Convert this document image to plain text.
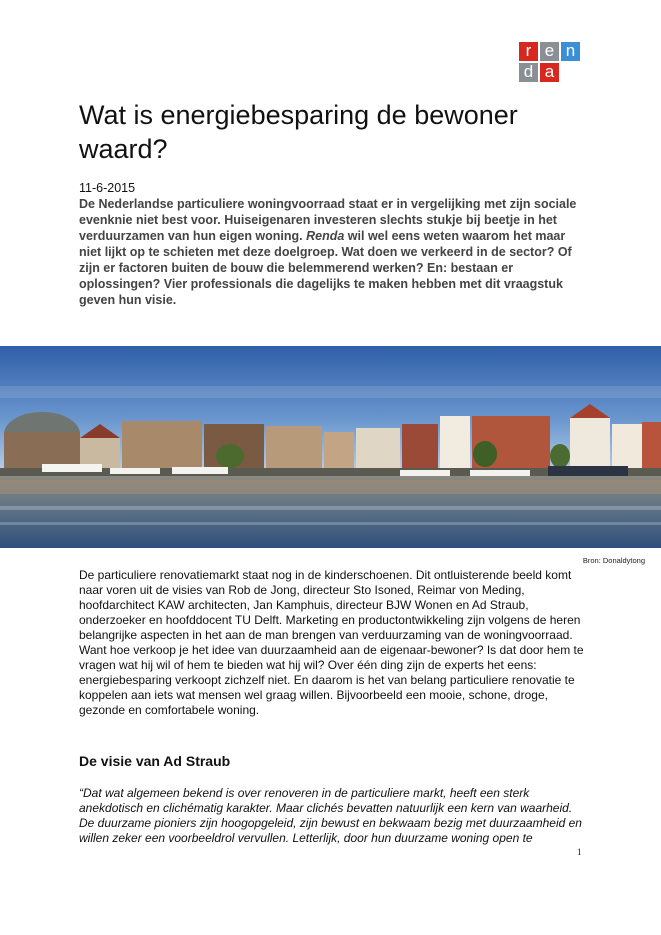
r e n
d a
Wat is energiebesparing de bewoner waard?
11-6-2015

De Nederlandse particuliere woningvoorraad staat er in vergelijking met zijn sociale evenknie niet best voor. Huiseigenaren investeren slechts stukje bij beetje in het verduurzamen van hun eigen woning. Renda wil wel eens weten waarom het maar niet lijkt op te schieten met deze doelgroep. Wat doen we verkeerd in de sector? Of zijn er factoren buiten de bouw die belemmerend werken? En: bestaan er oplossingen? Vier professionals die dagelijks te maken hebben met dit vraagstuk geven hun visie.

Bron: Donaldytong

De particuliere renovatiemarkt staat nog in de kinderschoenen. Dit ontluisterende beeld komt naar voren uit de visies van Rob de Jong, directeur Sto Isoned, Reimar von Meding, hoofdarchitect KAW architecten, Jan Kamphuis, directeur BJW Wonen en Ad Straub, onderzoeker en hoofddocent TU Delft. Marketing en productontwikkeling zijn volgens de heren belangrijke aspecten in het aan de man brengen van verduurzaming van de woningvoorraad. Want hoe verkoop je het idee van duurzaamheid aan de eigenaar-bewoner? Is dat door hem te vragen wat hij wil of hem te bieden wat hij wil? Over één ding zijn de experts het eens: energiebesparing verkoopt zichzelf niet. En daarom is het van belang particuliere renovatie te koppelen aan iets wat mensen wel graag willen. Bijvoorbeeld een mooie, schone, droge, gezonde en comfortabele woning.

De visie van Ad Straub

“Dat wat algemeen bekend is over renoveren in de particuliere markt, heeft een sterk anekdotisch en clichématig karakter. Maar clichés bevatten natuurlijk een kern van waarheid. De duurzame pioniers zijn hoogopgeleid, zijn bewust en bekwaam bezig met duurzaamheid en willen zeker een voorbeeldrol vervullen. Letterlijk, door hun duurzame woning open te

1
